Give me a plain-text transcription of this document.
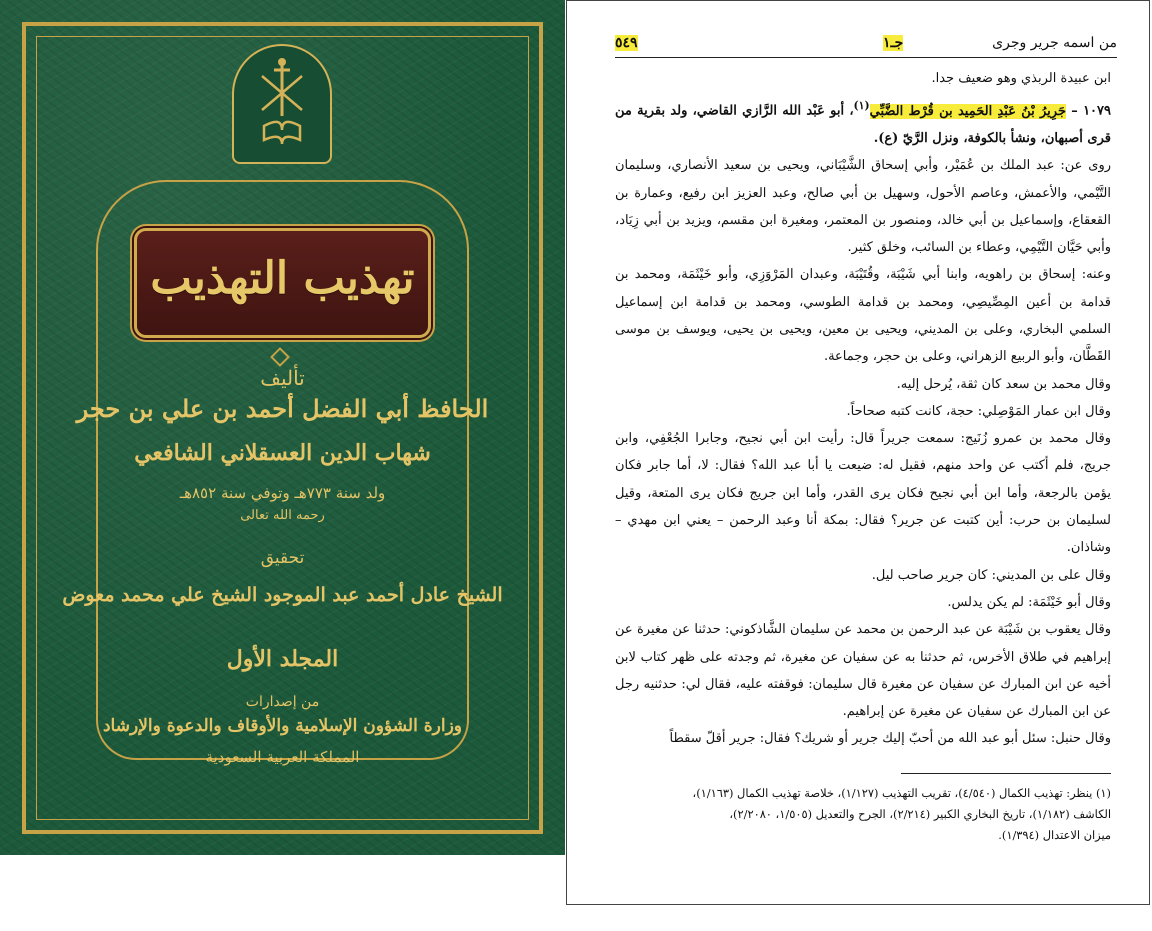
تهذيب التهذيب
تأليف
الحافظ أبي الفضل أحمد بن علي بن حجر
شهاب الدين العسقلاني الشافعي
ولد سنة ٧٧٣هـ وتوفي سنة ٨٥٢هـ
رحمه الله تعالى
تحقيق
الشيخ عادل أحمد عبد الموجود الشيخ علي محمد معوض
المجلد الأول
من إصدارات
وزارة الشؤون الإسلامية والأوقاف والدعوة والإرشاد
المملكة العربية السعودية
٥٤٩	جـ١	من اسمه جرير وجرى

ابن عبيدة الربذي وهو ضعيف جدا.

١٠٧٩ – جَرِيرُ بْنُ عَبْدِ الحَمِيد بن قُرْط الضَّبِّي$^{(١)}$، أبو عَبْد الله الرَّازي القاضي، ولد بقرية من قرى أصبهان، ونشأ بالكوفة، ونزل الرَّيّ (ع).

روى عن: عبد الملك بن عُمَيْر، وأبي إسحاق الشَّيْبَاني، ويحيى بن سعيد الأنصاري، وسليمان التَّيْمي، والأعمش، وعاصم الأحول، وسهيل بن أبي صالح، وعبد العزيز ابن رفيع، وعمارة بن القعقاع، وإسماعيل بن أبي خالد، ومنصور بن المعتمر، ومغيرة ابن مقسم، ويزيد بن أبي زِيَاد، وأبي حَيَّان التَّيْمِي، وعطاء بن السائب، وخلق كثير.

وعنه: إسحاق بن راهويه، وابنا أبي شَيْبَة، وقُتَيْبَة، وعبدان المَرْوَزِي، وأبو خَيْثَمَة، ومحمد بن قدامة بن أعين المِصِّيصِي، ومحمد بن قدامة الطوسي، ومحمد بن قدامة ابن إسماعيل السلمي البخاري، وعلى بن المديني، ويحيى بن معين، ويحيى بن يحيى، ويوسف بن موسى القَطَّان، وأبو الربيع الزهراني، وعلى بن حجر، وجماعة.

وقال محمد بن سعد كان ثقة، يُرحل إليه.

وقال ابن عمار المَوْصِلي: حجة، كانت كتبه صحاحاً.

وقال محمد بن عمرو زُنَيج: سمعت جريراً قال: رأيت ابن أبي نجيح، وجابرا الجُعْفِي، وابن جريج، فلم أكتب عن واحد منهم، فقيل له: ضيعت يا أبا عبد الله؟ فقال: لا، أما جابر فكان يؤمن بالرجعة، وأما ابن أبي نجيح فكان يرى القدر، وأما ابن جريج فكان يرى المتعة، وقيل لسليمان بن حرب: أين كتبت عن جرير؟ فقال: بمكة أنا وعبد الرحمن – يعني ابن مهدي – وشاذان.

وقال على بن المديني: كان جرير صاحب ليل.

وقال أبو خَيْثَمَة: لم يكن يدلس.

وقال يعقوب بن شَيْبَة عن عبد الرحمن بن محمد عن سليمان الشَّاذكوني: حدثنا عن مغيرة عن إبراهيم في طلاق الأخرس، ثم حدثنا به عن سفيان عن مغيرة، ثم وجدته على ظهر كتاب لابن أخيه عن ابن المبارك عن سفيان عن مغيرة قال سليمان: فوقفته عليه، فقال لي: حدثنيه رجل عن ابن المبارك عن سفيان عن مغيرة عن إبراهيم.

وقال حنبل: سئل أبو عبد الله من أحبّ إليك جرير أو شريك؟ فقال: جرير أقلّ سقطاً

(١) ينظر: تهذيب الكمال (٤/٥٤٠)، تقريب التهذيب (١/١٢٧)، خلاصة تهذيب الكمال (١/١٦٣)،
الكاشف (١/١٨٢)، تاريخ البخاري الكبير (٢/٢١٤)، الجرح والتعديل (١/٥٠٥، ٢/٢٠٨٠)،
ميزان الاعتدال (١/٣٩٤).
